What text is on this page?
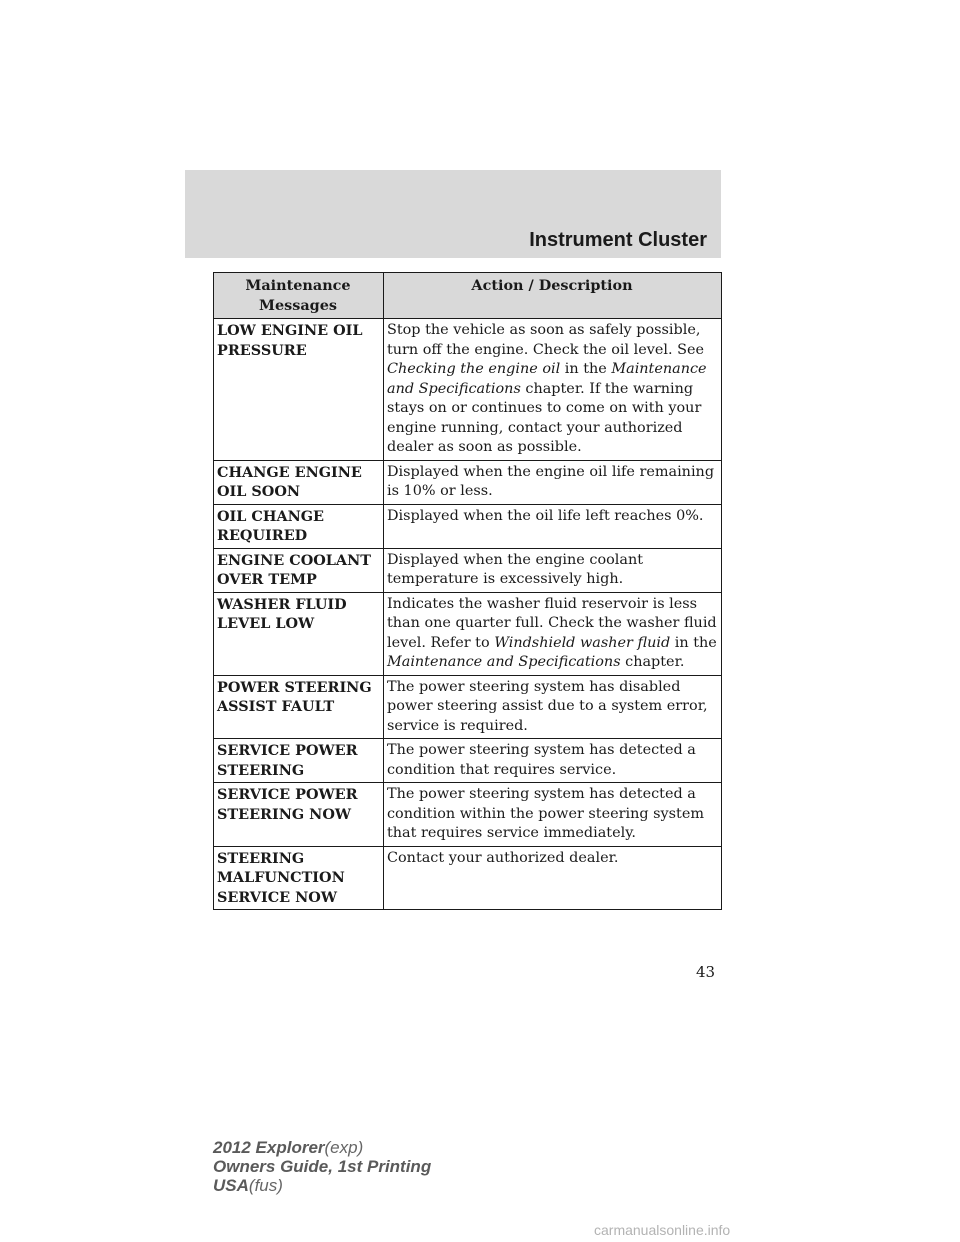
Instrument Cluster
Maintenance Messages	Action / Description
LOW ENGINE OIL PRESSURE	Stop the vehicle as soon as safely possible, turn off the engine. Check the oil level. See Checking the engine oil in the Maintenance and Specifications chapter. If the warning stays on or continues to come on with your engine running, contact your authorized dealer as soon as possible.
CHANGE ENGINE OIL SOON	Displayed when the engine oil life remaining is 10% or less.
OIL CHANGE REQUIRED	Displayed when the oil life left reaches 0%.
ENGINE COOLANT OVER TEMP	Displayed when the engine coolant temperature is excessively high.
WASHER FLUID LEVEL LOW	Indicates the washer fluid reservoir is less than one quarter full. Check the washer fluid level. Refer to Windshield washer fluid in the Maintenance and Specifications chapter.
POWER STEERING ASSIST FAULT	The power steering system has disabled power steering assist due to a system error, service is required.
SERVICE POWER STEERING	The power steering system has detected a condition that requires service.
SERVICE POWER STEERING NOW	The power steering system has detected a condition within the power steering system that requires service immediately.
STEERING MALFUNCTION SERVICE NOW	Contact your authorized dealer.
43
2012 Explorer(exp)
Owners Guide, 1st Printing
USA(fus)
carmanualsonline.info
